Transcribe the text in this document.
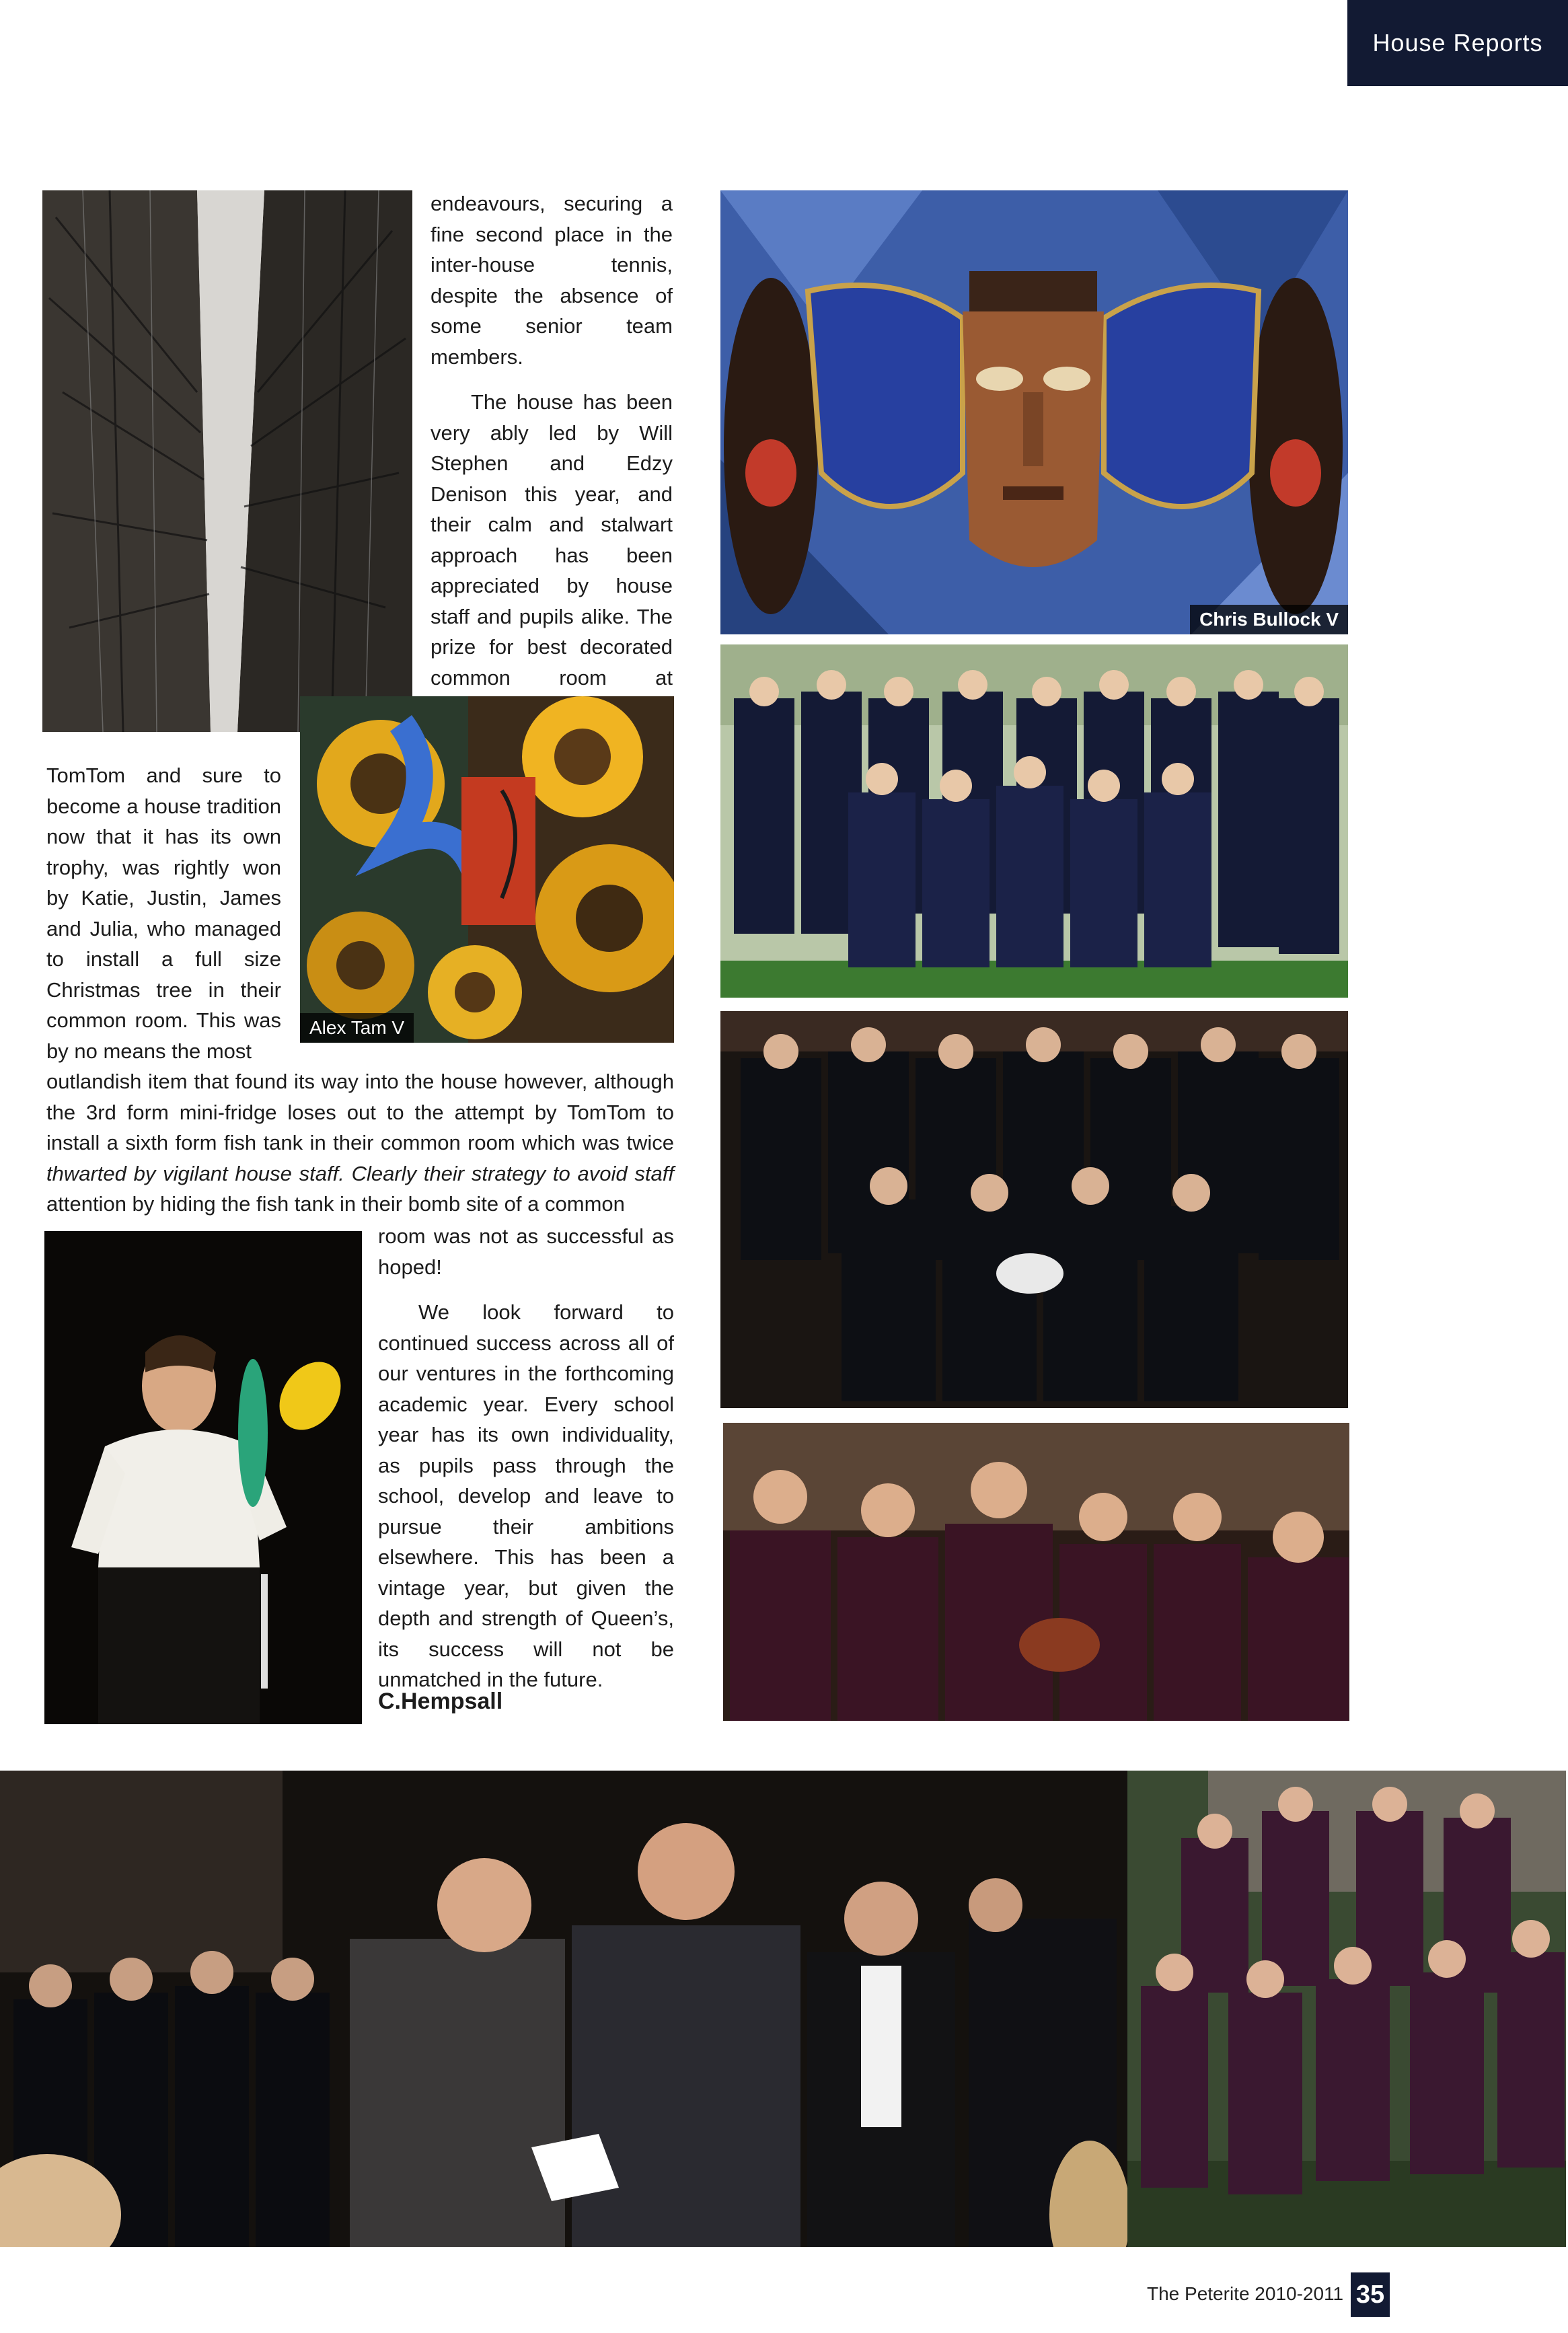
House Reports
Chris Bullock V

endeavours, securing a fine second place in the inter-house tennis, despite the absence of some senior team members.

The house has been very ably led by Will Stephen and Edzy Denison this year, and their calm and stalwart approach has been appreciated by house staff and pupils alike. The prize for best decorated common room at

Alex Tam V

TomTom and sure to become a house tradition now that it has its own trophy, was rightly won by Katie, Justin, James and Julia, who managed to install a full size Christmas tree in their common room. This was by no means the most

outlandish item that found its way into the house however, although the 3rd form mini-fridge loses out to the attempt by TomTom to install a sixth form fish tank in their common room which was twice thwarted by vigilant house staff. Clearly their strategy to avoid staff attention by hiding the fish tank in their bomb site of a common

room was not as successful as hoped!

We look forward to continued success across all of our ventures in the forthcoming academic year. Every school year has its own individuality, as pupils pass through the school, develop and leave to pursue their ambitions elsewhere. This has been a vintage year, but given the depth and strength of Queen’s, its success will not be unmatched in the future.

C.Hempsall
The Peterite 2010-2011 35
